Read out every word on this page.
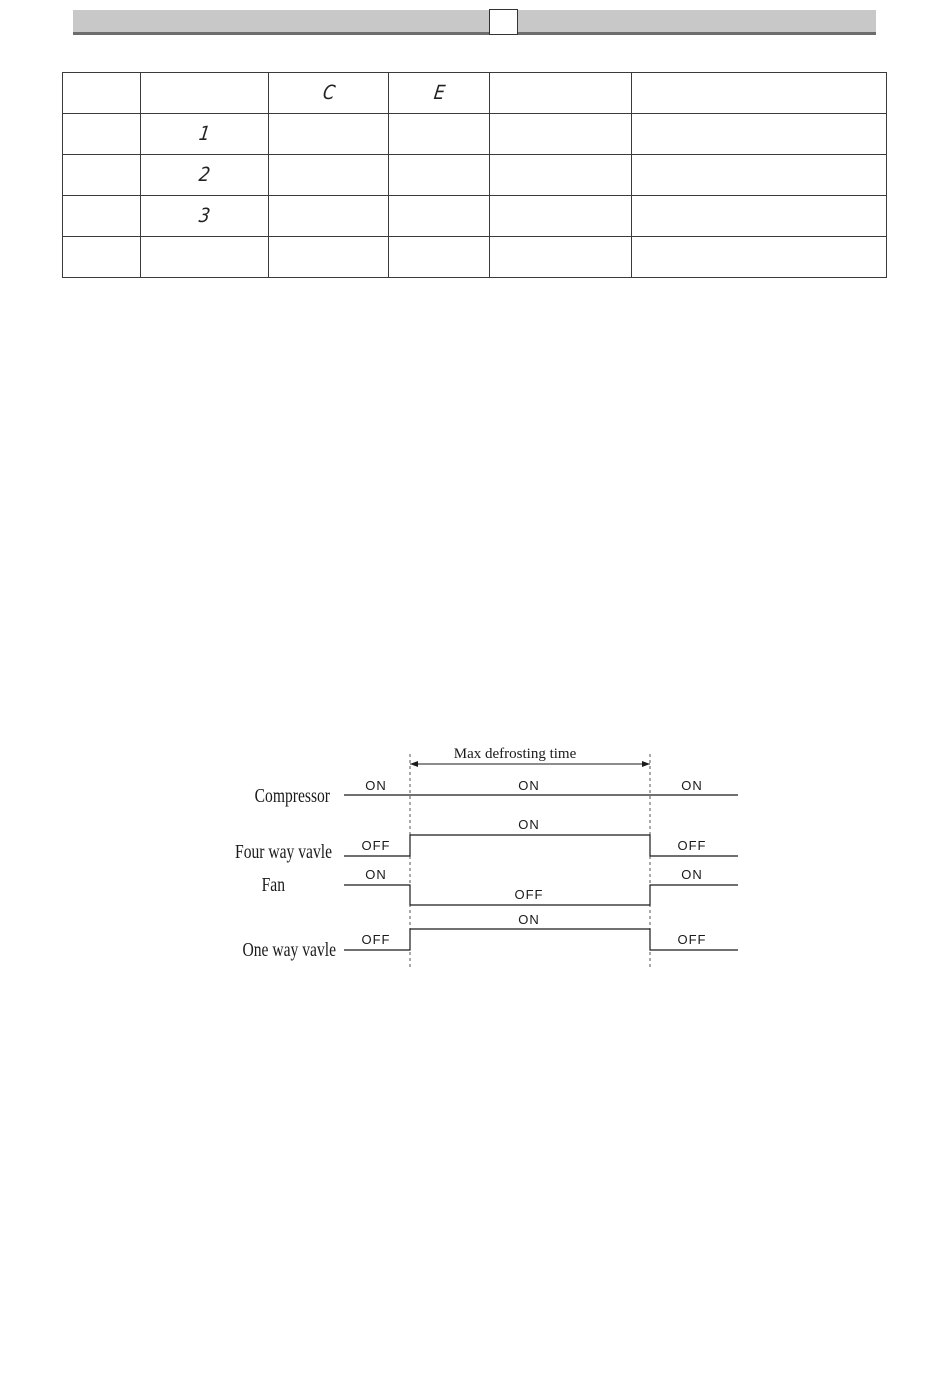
		C	E		
	1				
	2				
	3				

Max defrosting time
Compressor
Four way vavle
Fan
One way vavle
ON	ON	ON
OFF
ON
OFF
ON
OFF
ON
OFF
ON
OFF
